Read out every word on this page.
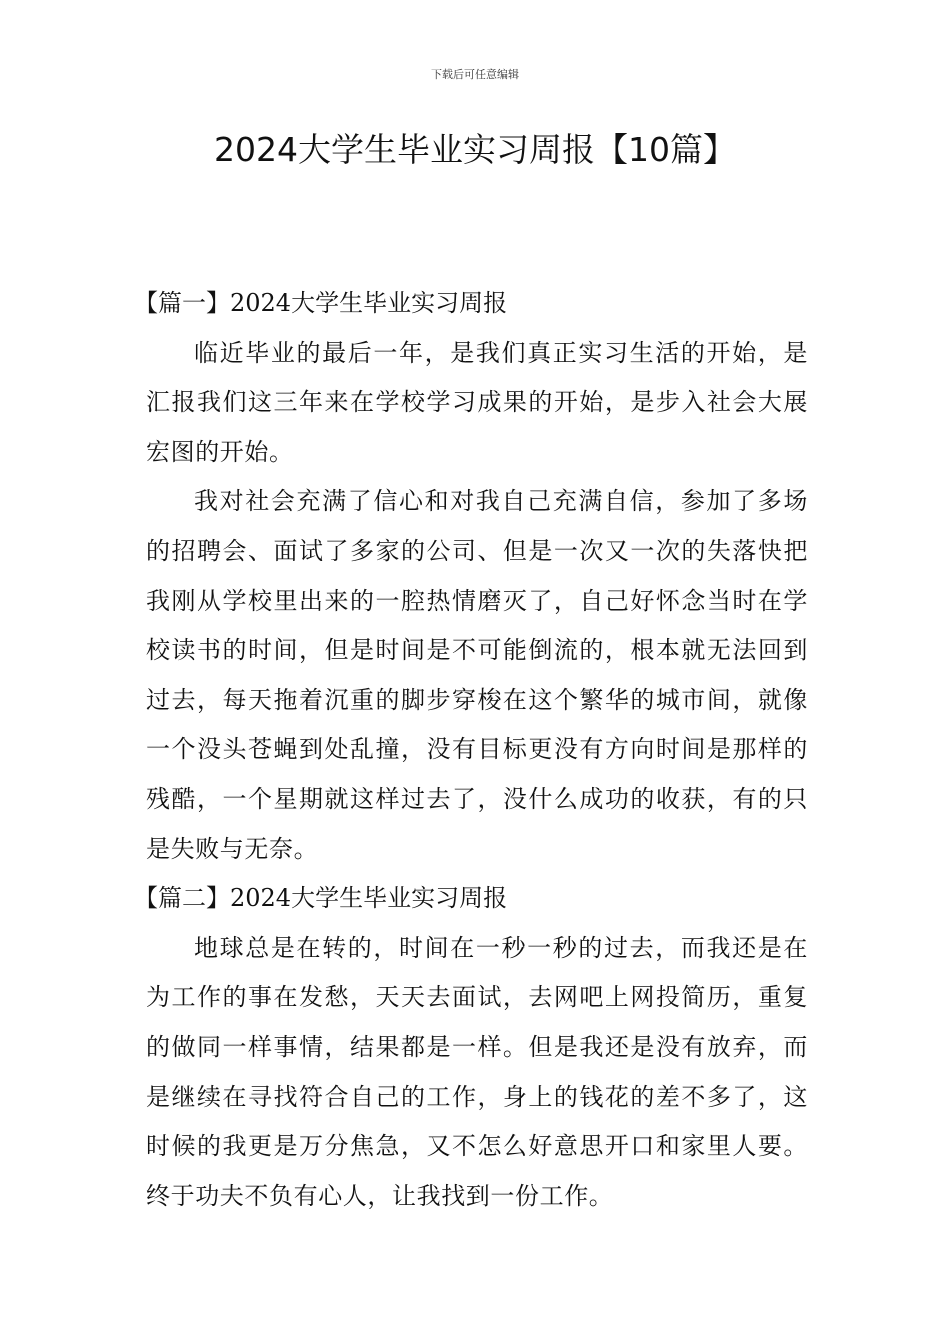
下载后可任意编辑
2024大学生毕业实习周报【10篇】
【篇一】2024大学生毕业实习周报

临近毕业的最后一年，是我们真正实习生活的开始，是汇报我们这三年来在学校学习成果的开始，是步入社会大展宏图的开始。

我对社会充满了信心和对我自己充满自信，参加了多场的招聘会、面试了多家的公司、但是一次又一次的失落快把我刚从学校里出来的一腔热情磨灭了，自己好怀念当时在学校读书的时间，但是时间是不可能倒流的，根本就无法回到过去，每天拖着沉重的脚步穿梭在这个繁华的城市间，就像一个没头苍蝇到处乱撞，没有目标更没有方向时间是那样的残酷，一个星期就这样过去了，没什么成功的收获，有的只是失败与无奈。

【篇二】2024大学生毕业实习周报

地球总是在转的，时间在一秒一秒的过去，而我还是在为工作的事在发愁，天天去面试，去网吧上网投简历，重复的做同一样事情，结果都是一样。但是我还是没有放弃，而是继续在寻找符合自己的工作，身上的钱花的差不多了，这时候的我更是万分焦急，又不怎么好意思开口和家里人要。终于功夫不负有心人，让我找到一份工作。
